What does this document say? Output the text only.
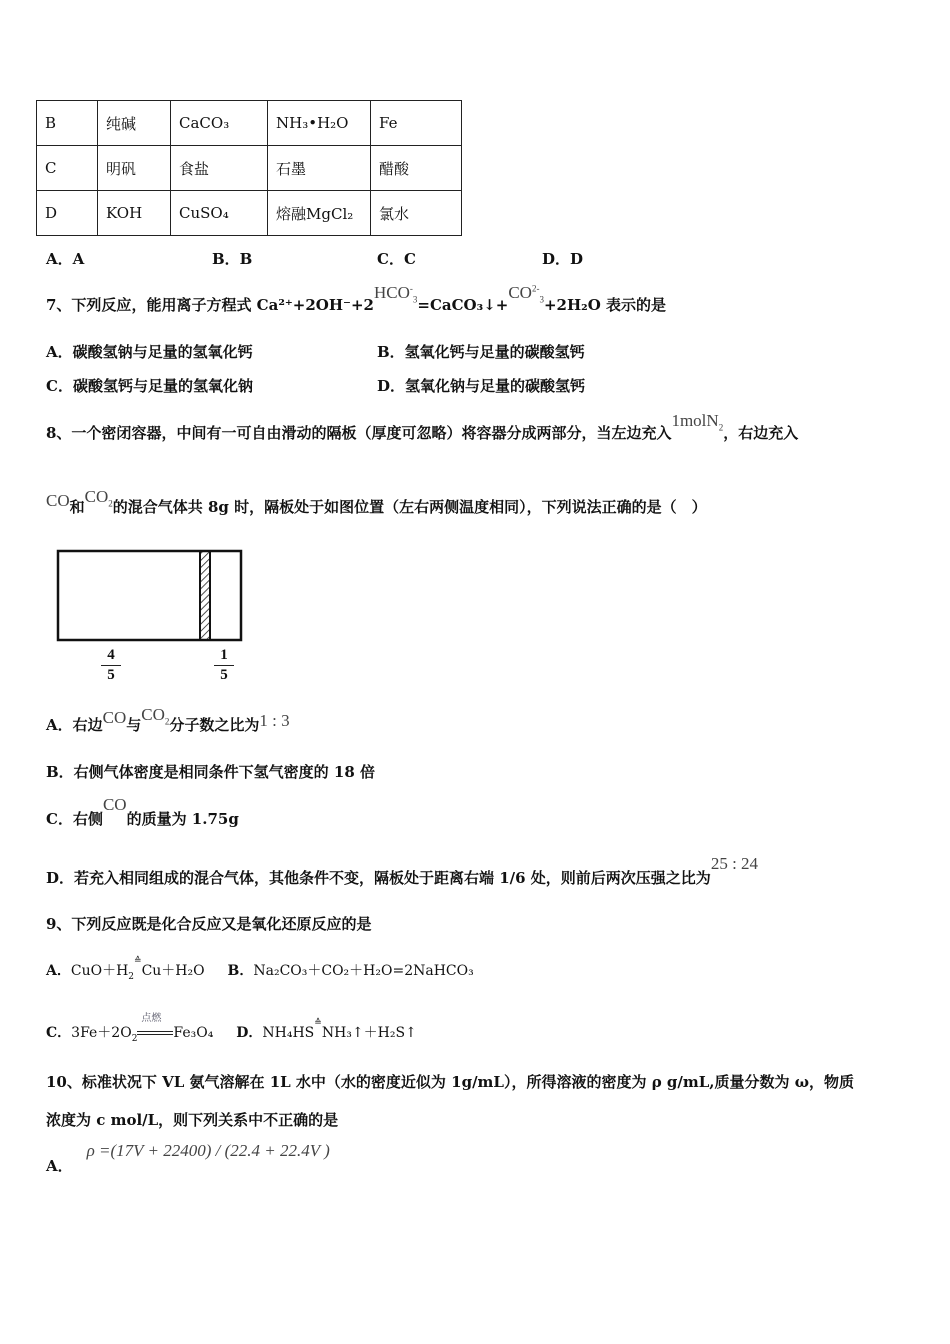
B	纯碱	CaCO₃	NH₃•H₂O	Fe
C	明矾	食盐	石墨	醋酸
D	KOH	CuSO₄	熔融MgCl₂	氯水
A．A	B．B	C．C	D．D
7、下列反应，能用离子方程式 $Ca^{2+}+2OH^-+2HCO^-_3=CaCO_3↓+CO^{2-}_3+2H_2O$ 表示的是
A．碳酸氢钠与足量的氢氧化钙	B．氢氧化钙与足量的碳酸氢钙
C．碳酸氢钙与足量的氢氧化钠	D．氢氧化钠与足量的碳酸氢钙
8、一个密闭容器，中间有一可自由滑动的隔板（厚度可忽略）将容器分成两部分，当左边充入1molN$_2$，右边充入
CO和$CO_2$的混合气体共 8g 时，隔板处于如图位置（左右两侧温度相同），下列说法正确的是（　）
4
5
1
5
A．右边CO与$CO_2$分子数之比为1 : 3
B．右侧气体密度是相同条件下氢气密度的 18 倍
C．右侧CO的质量为 1.75g
D．若充入相同组成的混合气体，其他条件不变，隔板处于距离右端 1/6 处，则前后两次压强之比为25 : 24
9、下列反应既是化合反应又是氧化还原反应的是
A．$CuO+H_2^≙Cu+H_2O$ B．Na₂CO₃＋CO₂＋H₂O=2NaHCO₃
C．$3Fe+2O_2$
点燃
Fe₃O₄ D．NH₄HS≙NH₃↑＋H₂S↑
10、标准状况下 VL 氨气溶解在 1L 水中（水的密度近似为 1g/mL），所得溶液的密度为 ρ g/mL,质量分数为 ω，物质
浓度为 c mol/L，则下列关系中不正确的是
A．ρ =(17V + 22400) / (22.4 + 22.4V )
